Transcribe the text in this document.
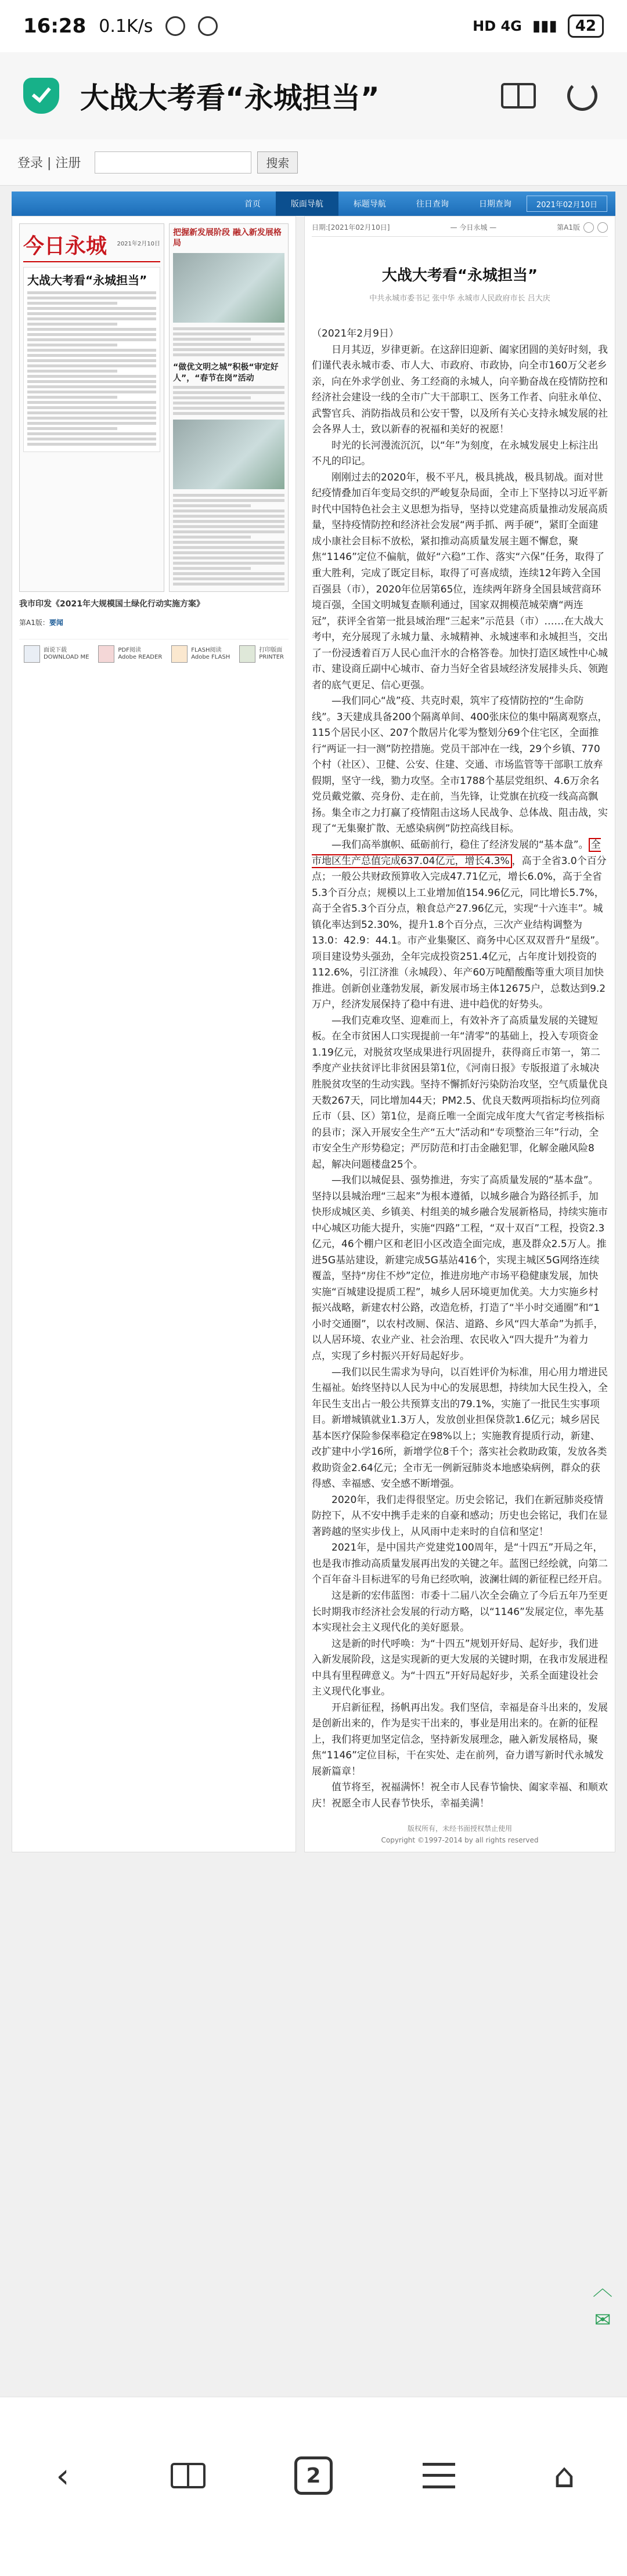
16:28 0.1K/s	HD 4G ▮▮▮	42
大战大考看“永城担当”
登录 | 注册	搜索
首页	版面导航	标题导航	往日查询	日期查询	2021年02月10日
今日永城 2021年2月10日
大战大考看“永城担当”
把握新发展阶段 融入新发展格局
“做优文明之城”积极“审定好人”，“春节在岗”活动
我市印发《2021年大规模国土绿化行动实施方案》
第A1版：要闻
面说下载
DOWNLOAD ME
PDF阅读
Adobe READER
FLASH阅读
Adobe FLASH
打印版面
PRINTER
日期:[2021年02月10日]	— 今日永城 —	第A1版
大战大考看“永城担当”
中共永城市委书记 张中华 永城市人民政府市长 吕大庆

（2021年2月9日）

日月其迈，岁律更新。在这辞旧迎新、阖家团圆的美好时刻，我们谨代表永城市委、市人大、市政府、市政协，向全市160万父老乡亲，向在外求学创业、务工经商的永城人，向辛勤奋战在疫情防控和经济社会建设一线的全市广大干部职工、医务工作者、向驻永单位、武警官兵、消防指战员和公安干警，以及所有关心支持永城发展的社会各界人士，致以新春的祝福和美好的祝愿！

时光的长河漫流沉沉，以“年”为刻度，在永城发展史上标注出不凡的印记。

刚刚过去的2020年，极不平凡，极具挑战，极具韧战。面对世纪疫情叠加百年变局交织的严峻复杂局面，全市上下坚持以习近平新时代中国特色社会主义思想为指导，坚持以党建高质量推动发展高质量，坚持疫情防控和经济社会发展“两手抓、两手硬”，紧盯全面建成小康社会目标不放松，紧扣推动高质量发展主题不懈怠，聚焦“1146”定位不偏航，做好“六稳”工作、落实“六保”任务，取得了重大胜利，完成了既定目标，取得了可喜成绩，连续12年跨入全国百强县（市），2020年位居第65位，连续两年跻身全国县域营商环境百强，全国文明城复查顺利通过，国家双拥模范城荣膺“两连冠”，获评全省第一批县域治理“三起来”示范县（市）……在大战大考中，充分展现了永城力量、永城精神、永城速率和永城担当，交出了一份浸透着百万人民心血汗水的合格答卷。加快打造区域性中心城市、建设商丘副中心城市、奋力当好全省县域经济发展排头兵、领跑者的底气更足、信心更强。

—我们同心“战”疫、共克时艰，筑牢了疫情防控的“生命防线”。3天建成具备200个隔离单间、400张床位的集中隔离观察点，115个居民小区、207个散居片化零为整划分69个住宅区，全面推行“两证一扫一测”防控措施。党员干部冲在一线，29个乡镇、770个村（社区）、卫健、公安、住建、交通、市场监管等干部职工放弃假期，坚守一线，勠力攻坚。全市1788个基层党组织、4.6万余名党员戴党徽、亮身份、走在前，当先锋，让党旗在抗疫一线高高飘扬。集全市之力打赢了疫情阻击这场人民战争、总体战、阻击战，实现了“无集聚扩散、无感染病例”防控高线目标。

—我们高举旗帜、砥砺前行，稳住了经济发展的“基本盘”。 全市地区生产总值完成637.04亿元，增长4.3% ，高于全省3.0个百分点；一般公共财政预算收入完成47.71亿元，增长6.0%，高于全省5.3个百分点；规模以上工业增加值154.96亿元，同比增长5.7%，高于全省5.3个百分点，粮食总产27.96亿元，实现“十六连丰”。城镇化率达到52.30%，提升1.8个百分点，三次产业结构调整为13.0：42.9：44.1。市产业集聚区、商务中心区双双晋升“星级”。项目建设势头强劲，全年完成投资251.4亿元，占年度计划投资的112.6%，引江济淮（永城段）、年产60万吨醋酸酯等重大项目加快推进。创新创业蓬勃发展，新发展市场主体12675户，总数达到9.2万户，经济发展保持了稳中有进、进中趋优的好势头。

—我们克难攻坚、迎难而上，有效补齐了高质量发展的关键短板。在全市贫困人口实现提前一年“清零”的基础上，投入专项资金1.19亿元，对脱贫攻坚成果进行巩固提升，获得商丘市第一，第二季度产业扶贫评比非贫困县第1位，《河南日报》专版报道了永城决胜脱贫攻坚的生动实践。坚持不懈抓好污染防治攻坚，空气质量优良天数267天，同比增加44天；PM2.5、优良天数两项指标均位列商丘市（县、区）第1位，是商丘唯一全面完成年度大气省定考核指标的县市；深入开展安全生产“五大”活动和“专项整治三年”行动，全市安全生产形势稳定；严厉防范和打击金融犯罪，化解金融风险8起，解决问题楼盘25个。

—我们以城促县、强势推进，夯实了高质量发展的“基本盘”。坚持以县城治理“三起来”为根本遵循，以城乡融合为路径抓手，加快形成城区美、乡镇美、村组美的城乡融合发展新格局，持续实施市中心城区功能大提升，实施“四路”工程，“双十双百”工程，投资2.3亿元，46个棚户区和老旧小区改造全面完成，惠及群众2.5万人。推进5G基站建设，新建完成5G基站416个，实现主城区5G网络连续覆盖，坚持“房住不炒”定位，推进房地产市场平稳健康发展，加快实施“百城建设提质工程”，城乡人居环境更加优美。大力实施乡村振兴战略，新建农村公路，改造危桥，打造了“半小时交通圈”和“1小时交通圈”，以农村改厕、保洁、道路、乡风“四大革命”为抓手，以人居环境、农业产业、社会治理、农民收入“四大提升”为着力点，实现了乡村振兴开好局起好步。

—我们以民生需求为导向，以百姓评价为标准，用心用力增进民生福祉。始终坚持以人民为中心的发展思想，持续加大民生投入，全年民生支出占一般公共预算支出的79.1%，实施了一批民生实事项目。新增城镇就业1.3万人，发放创业担保贷款1.6亿元；城乡居民基本医疗保险参保率稳定在98%以上；实施教育提质行动，新建、改扩建中小学16所，新增学位8千个；落实社会救助政策，发放各类救助资金2.64亿元；全市无一例新冠肺炎本地感染病例，群众的获得感、幸福感、安全感不断增强。

2020年，我们走得很坚定。历史会铭记，我们在新冠肺炎疫情防控下，从不安中携手走来的自豪和感动；历史也会铭记，我们在显著跨越的坚实步伐上，从风雨中走来时的自信和坚定！

2021年，是中国共产党建党100周年，是“十四五”开局之年，也是我市推动高质量发展再出发的关键之年。蓝图已经绘就，向第二个百年奋斗目标进军的号角已经吹响，波澜壮阔的新征程已经开启。

这是新的宏伟蓝图：市委十二届八次全会确立了今后五年乃至更长时期我市经济社会发展的行动方略，以“1146”发展定位，率先基本实现社会主义现代化的美好愿景。

这是新的时代呼唤：为“十四五”规划开好局、起好步，我们进入新发展阶段，这是实现新的更大发展的关键时期，在我市发展进程中具有里程碑意义。为“十四五”开好局起好步，关系全面建设社会主义现代化事业。

开启新征程，扬帆再出发。我们坚信，幸福是奋斗出来的，发展是创新出来的，作为是实干出来的，事业是用出来的。在新的征程上，我们将更加坚定信念，坚持新发展理念，融入新发展格局，聚焦“1146”定位目标，干在实处、走在前列，奋力谱写新时代永城发展新篇章！

值节将至，祝福满怀！祝全市人民春节愉快、阖家幸福、和顺欢庆！祝愿全市人民春节快乐，幸福美满！

版权所有，未经书面授权禁止使用
Copyright ©1997-2014 by all rights reserved
︿
✉
‹	2	⌂
